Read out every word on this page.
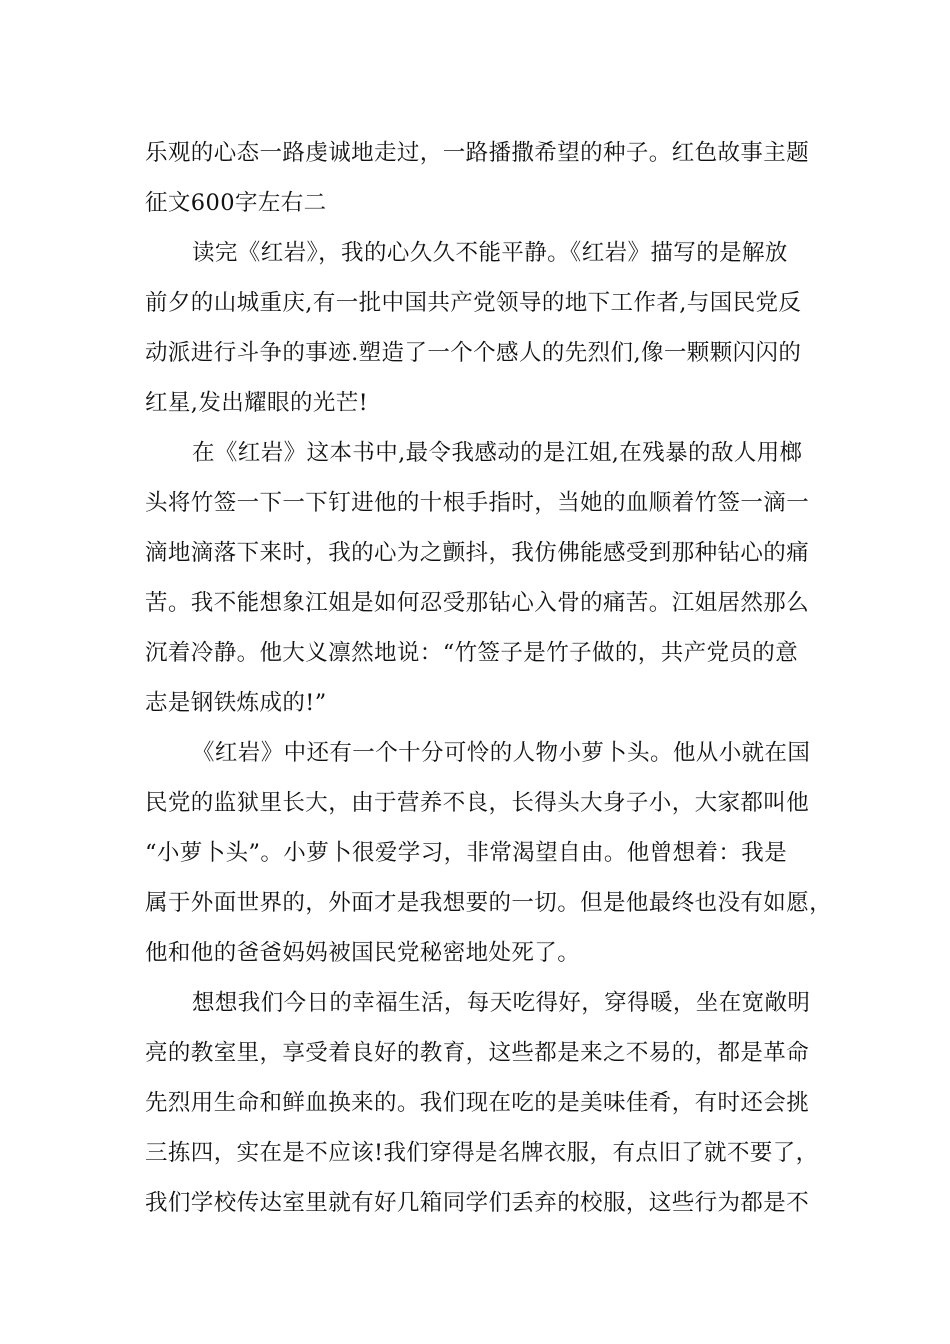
乐观的心态一路虔诚地走过，一路播撒希望的种子。红色故事主题
征文600字左右二

读完《红岩》，我的心久久不能平静。《红岩》描写的是解放
前夕的山城重庆,有一批中国共产党领导的地下工作者,与国民党反
动派进行斗争的事迹.塑造了一个个感人的先烈们,像一颗颗闪闪的
红星,发出耀眼的光芒!

在《红岩》这本书中,最令我感动的是江姐,在残暴的敌人用榔
头将竹签一下一下钉进他的十根手指时，当她的血顺着竹签一滴一
滴地滴落下来时，我的心为之颤抖，我仿佛能感受到那种钻心的痛
苦。我不能想象江姐是如何忍受那钻心入骨的痛苦。江姐居然那么
沉着冷静。他大义凛然地说：“竹签子是竹子做的，共产党员的意
志是钢铁炼成的!”

《红岩》中还有一个十分可怜的人物小萝卜头。他从小就在国
民党的监狱里长大，由于营养不良，长得头大身子小，大家都叫他
“小萝卜头”。小萝卜很爱学习，非常渴望自由。他曾想着：我是
属于外面世界的，外面才是我想要的一切。但是他最终也没有如愿，
他和他的爸爸妈妈被国民党秘密地处死了。

想想我们今日的幸福生活，每天吃得好，穿得暖，坐在宽敞明
亮的教室里，享受着良好的教育，这些都是来之不易的，都是革命
先烈用生命和鲜血换来的。我们现在吃的是美味佳肴，有时还会挑
三拣四，实在是不应该!我们穿得是名牌衣服，有点旧了就不要了，
我们学校传达室里就有好几箱同学们丢弃的校服，这些行为都是不
